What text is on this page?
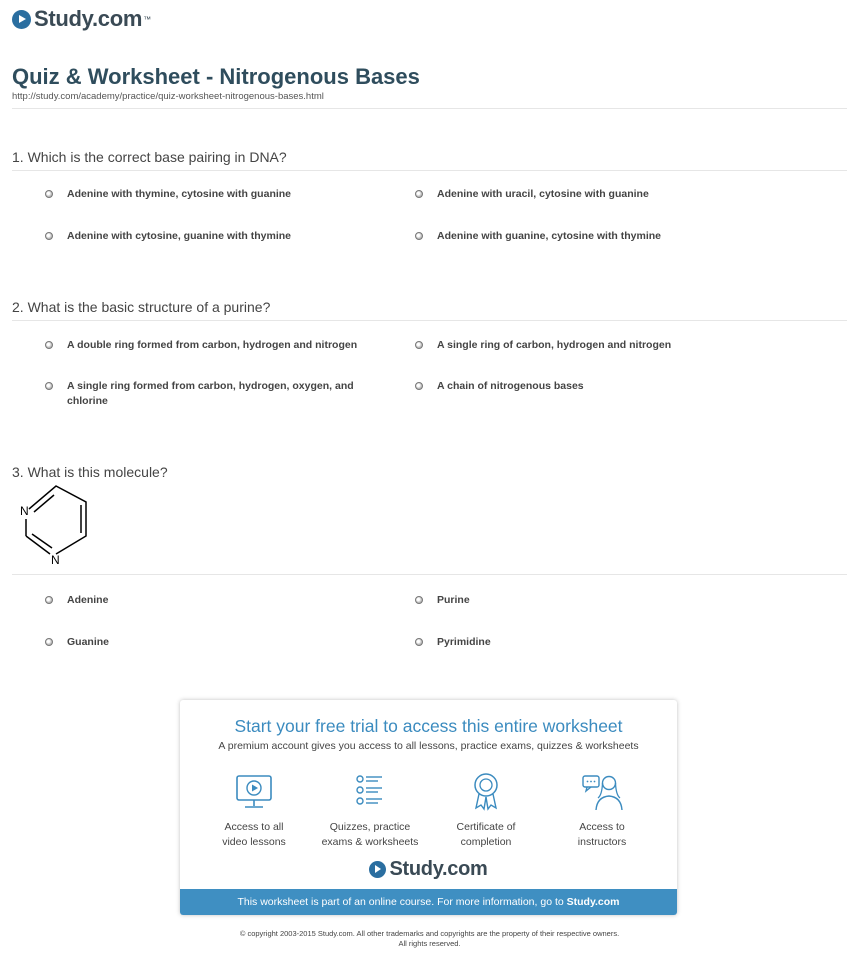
Study.com ™
Quiz & Worksheet - Nitrogenous Bases
http://study.com/academy/practice/quiz-worksheet-nitrogenous-bases.html
1. Which is the correct base pairing in DNA?
Adenine with thymine, cytosine with guanine	Adenine with uracil, cytosine with guanine
Adenine with cytosine, guanine with thymine	Adenine with guanine, cytosine with thymine
2. What is the basic structure of a purine?
A double ring formed from carbon, hydrogen and nitrogen	A single ring of carbon, hydrogen and nitrogen
A single ring formed from carbon, hydrogen, oxygen, and chlorine
A chain of nitrogenous bases
3. What is this molecule?
N
N
Adenine	Purine
Guanine	Pyrimidine
Start your free trial to access this entire worksheet
A premium account gives you access to all lessons, practice exams, quizzes & worksheets
Access to all
video lessons
Quizzes, practice
exams & worksheets
Certificate of
completion
Access to
instructors
Study.com
This worksheet is part of an online course. For more information, go to Study.com
© copyright 2003-2015 Study.com. All other trademarks and copyrights are the property of their respective owners.
All rights reserved.
